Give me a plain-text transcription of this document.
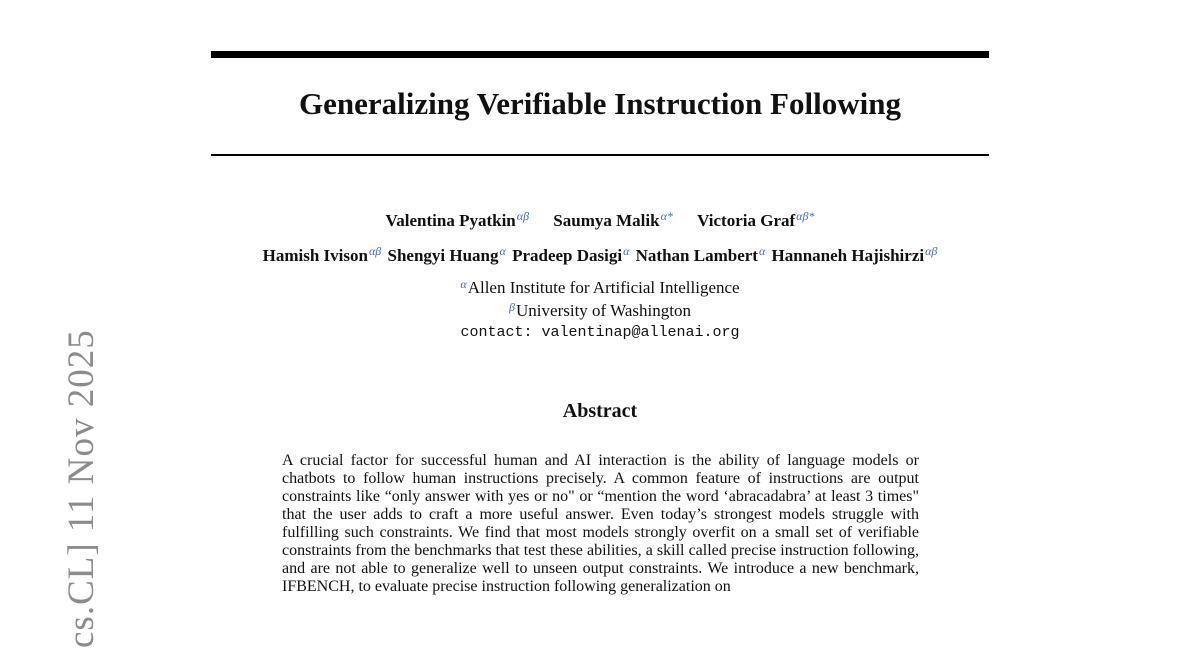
Generalizing Verifiable Instruction Following
Valentina Pyatkin$^{\alpha\beta}$ Saumya Malik$^{\alpha*}$ Victoria Graf$^{\alpha\beta*}$
Hamish Ivison$^{\alpha\beta}$ Shengyi Huang$^\alpha$ Pradeep Dasigi$^\alpha$ Nathan Lambert$^\alpha$ Hannaneh Hajishirzi$^{\alpha\beta}$
$^\alpha$Allen Institute for Artificial Intelligence
$^\beta$University of Washington
contact: valentinap@allenai.org
Abstract
A crucial factor for successful human and AI interaction is the ability of language models or chatbots to follow human instructions precisely. A common feature of instructions are output constraints like “only answer with yes or no" or “mention the word ‘abracadabra’ at least 3 times" that the user adds to craft a more useful answer. Even today’s strongest models struggle with fulfilling such constraints. We find that most models strongly overfit on a small set of verifiable constraints from the benchmarks that test these abilities, a skill called precise instruction following, and are not able to generalize well to unseen output constraints. We introduce a new benchmark, IFBENCH, to evaluate precise instruction following generalization on
cs.CL] 11 Nov 2025
